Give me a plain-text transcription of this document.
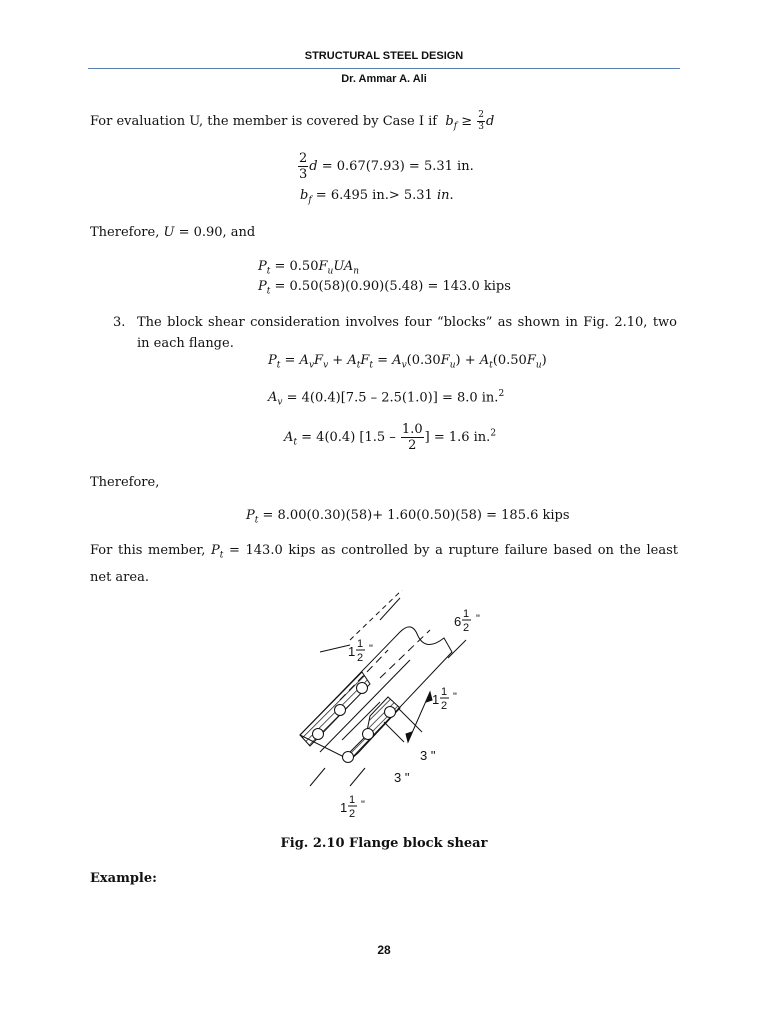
STRUCTURAL STEEL DESIGN
Dr. Ammar A. Ali
For evaluation U, the member is covered by Case I if $b_f \ge \frac{2}{3}$ d
$\frac{2}{3}$ d = 0.67(7.93) = 5.31 in.
$b_f = 6.495$ in.> 5.31 in.
Therefore, U = 0.90, and
$P_t = 0.50F_uUA_n$
$P_t = 0.50(58)(0.90)(5.48) = 143.0$ kips
3. The block shear consideration involves four “blocks” as shown in Fig. 2.10, two in each flange.
$P_t = A_vF_v + A_tF_t = A_v(0.30F_u) + A_t(0.50F_u)$
$A_v = 4(0.4)[7.5 - 2.5(1.0)] = 8.0$ in.$^2$
$A_t = 4(0.4)$ [$1.5 - \frac{1.0}{2}$ ] = 1.6 in.$^2$
Therefore,
$P_t = 8.00(0.30)(58)+ 1.60(0.50)(58) = 185.6$ kips
For this member, $P_t = 143.0$ kips as controlled by a rupture failure based on the least net area.
6 1
2
"
1 1
2
"
1 1
2
"
3 "
3 "
1 1
2
"
Fig. 2.10 Flange block shear
Example:
28
